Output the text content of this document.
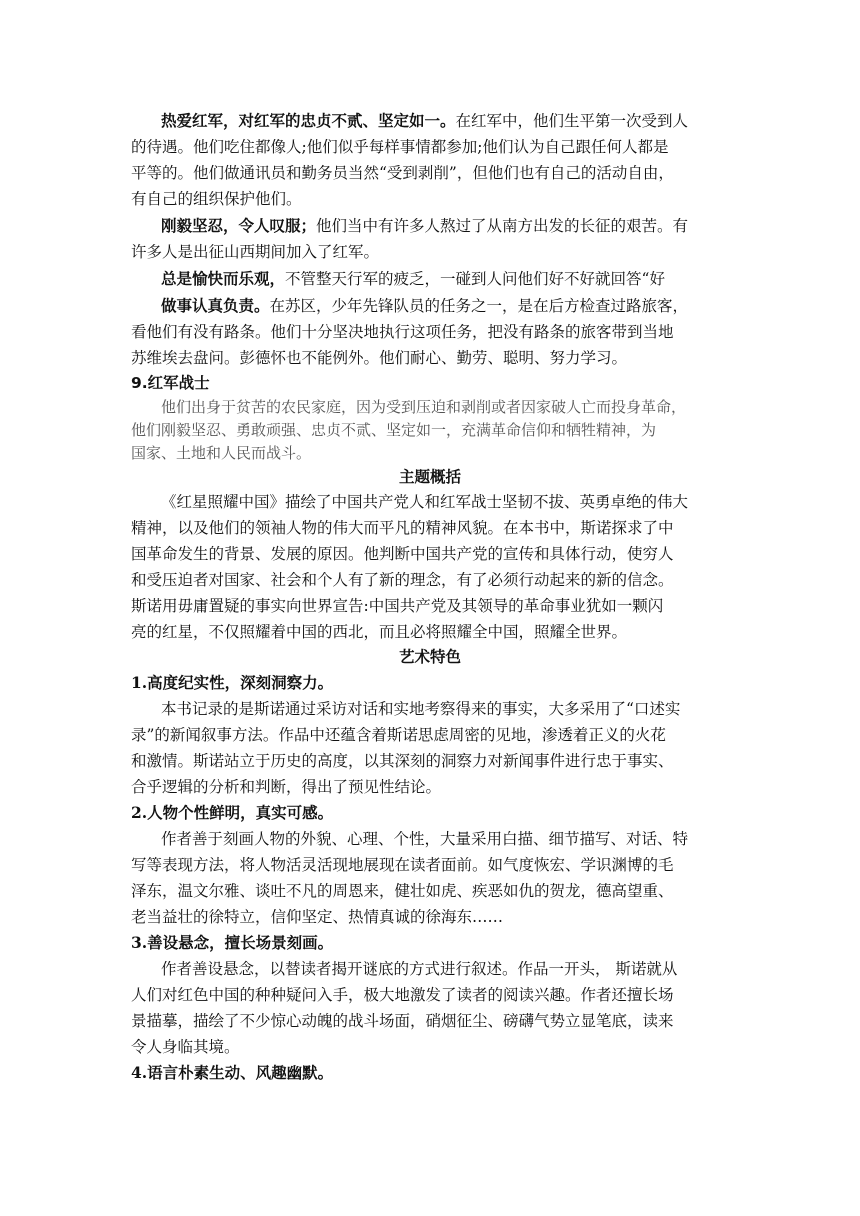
热爱红军，对红军的忠贞不贰、坚定如一。在红军中，他们生平第一次受到人
的待遇。他们吃住都像人;他们似乎每样事情都参加;他们认为自己跟任何人都是
平等的。他们做通讯员和勤务员当然“受到剥削”，但他们也有自己的活动自由，
有自己的组织保护他们。
刚毅坚忍，令人叹服；他们当中有许多人熬过了从南方出发的长征的艰苦。有
许多人是出征山西期间加入了红军。
总是愉快而乐观，不管整天行军的疲乏，一碰到人问他们好不好就回答“好
做事认真负责。在苏区，少年先锋队员的任务之一，是在后方检查过路旅客，
看他们有没有路条。他们十分坚决地执行这项任务，把没有路条的旅客带到当地
苏维埃去盘问。彭德怀也不能例外。他们耐心、勤劳、聪明、努力学习。
9.红军战士
他们出身于贫苦的农民家庭，因为受到压迫和剥削或者因家破人亡而投身革命，
他们刚毅坚忍、勇敢顽强、忠贞不贰、坚定如一，充满革命信仰和牺牲精神，为
国家、土地和人民而战斗。
主题概括
《红星照耀中国》描绘了中国共产党人和红军战士坚韧不拔、英勇卓绝的伟大
精神，以及他们的领袖人物的伟大而平凡的精神风貌。在本书中，斯诺探求了中
国革命发生的背景、发展的原因。他判断中国共产党的宣传和具体行动，使穷人
和受压迫者对国家、社会和个人有了新的理念，有了必须行动起来的新的信念。
斯诺用毋庸置疑的事实向世界宣告:中国共产党及其领导的革命事业犹如一颗闪
亮的红星，不仅照耀着中国的西北，而且必将照耀全中国，照耀全世界。
艺术特色
1.高度纪实性，深刻洞察力。
本书记录的是斯诺通过采访对话和实地考察得来的事实，大多采用了“口述实
录”的新闻叙事方法。作品中还蕴含着斯诺思虑周密的见地，渗透着正义的火花
和激情。斯诺站立于历史的高度，以其深刻的洞察力对新闻事件进行忠于事实、
合乎逻辑的分析和判断，得出了预见性结论。
2.人物个性鲜明，真实可感。
作者善于刻画人物的外貌、心理、个性，大量采用白描、细节描写、对话、特
写等表现方法，将人物活灵活现地展现在读者面前。如气度恢宏、学识渊博的毛
泽东，温文尔雅、谈吐不凡的周恩来，健壮如虎、疾恶如仇的贺龙，德高望重、
老当益壮的徐特立，信仰坚定、热情真诚的徐海东……
3.善设悬念，擅长场景刻画。
作者善设悬念，以替读者揭开谜底的方式进行叙述。作品一开头， 斯诺就从
人们对红色中国的种种疑问入手，极大地激发了读者的阅读兴趣。作者还擅长场
景描摹，描绘了不少惊心动魄的战斗场面，硝烟征尘、磅礴气势立显笔底，读来
令人身临其境。
4.语言朴素生动、风趣幽默。
